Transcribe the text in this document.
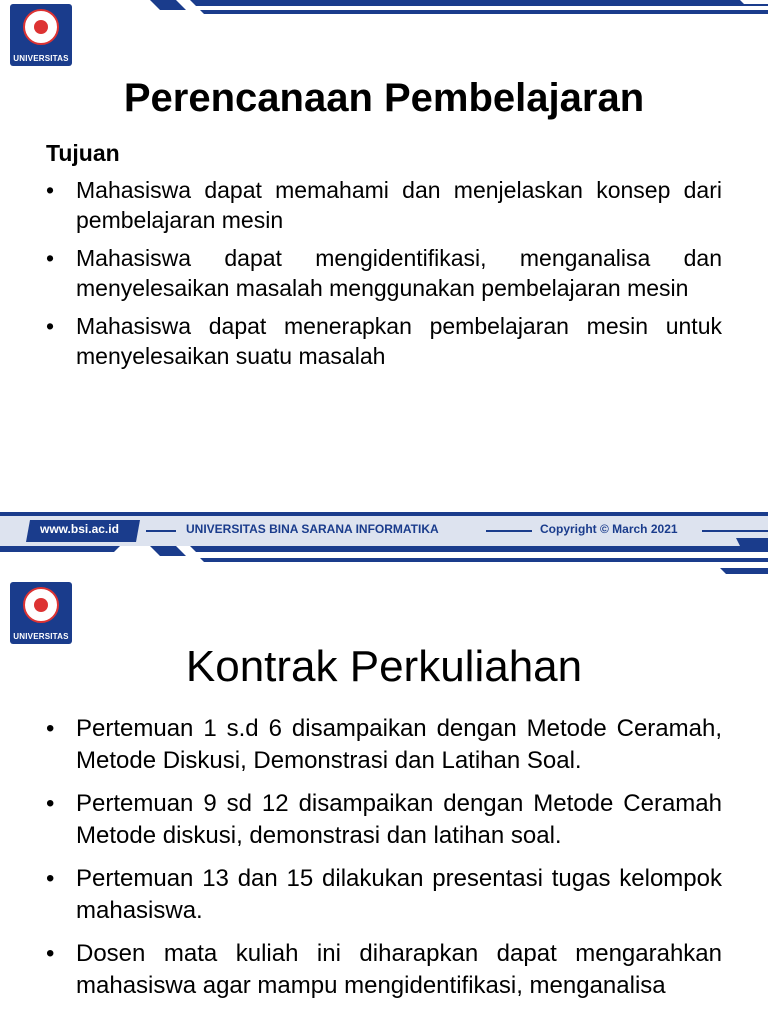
UNIVERSITAS
Perencanaan Pembelajaran
Tujuan
• Mahasiswa dapat memahami dan menjelaskan konsep dari pembelajaran mesin
• Mahasiswa dapat mengidentifikasi, menganalisa dan menyelesaikan masalah menggunakan pembelajaran mesin
• Mahasiswa dapat menerapkan pembelajaran mesin untuk menyelesaikan suatu masalah
www.bsi.ac.id	UNIVERSITAS BINA SARANA INFORMATIKA	Copyright © March 2021
UNIVERSITAS
Kontrak Perkuliahan
• Pertemuan 1 s.d 6 disampaikan dengan Metode Ceramah, Metode Diskusi, Demonstrasi dan Latihan Soal.
• Pertemuan 9 sd 12 disampaikan dengan Metode Ceramah Metode diskusi, demonstrasi dan latihan soal.
• Pertemuan 13 dan 15 dilakukan presentasi tugas kelompok mahasiswa.
• Dosen mata kuliah ini diharapkan dapat mengarahkan mahasiswa agar mampu mengidentifikasi, menganalisa
